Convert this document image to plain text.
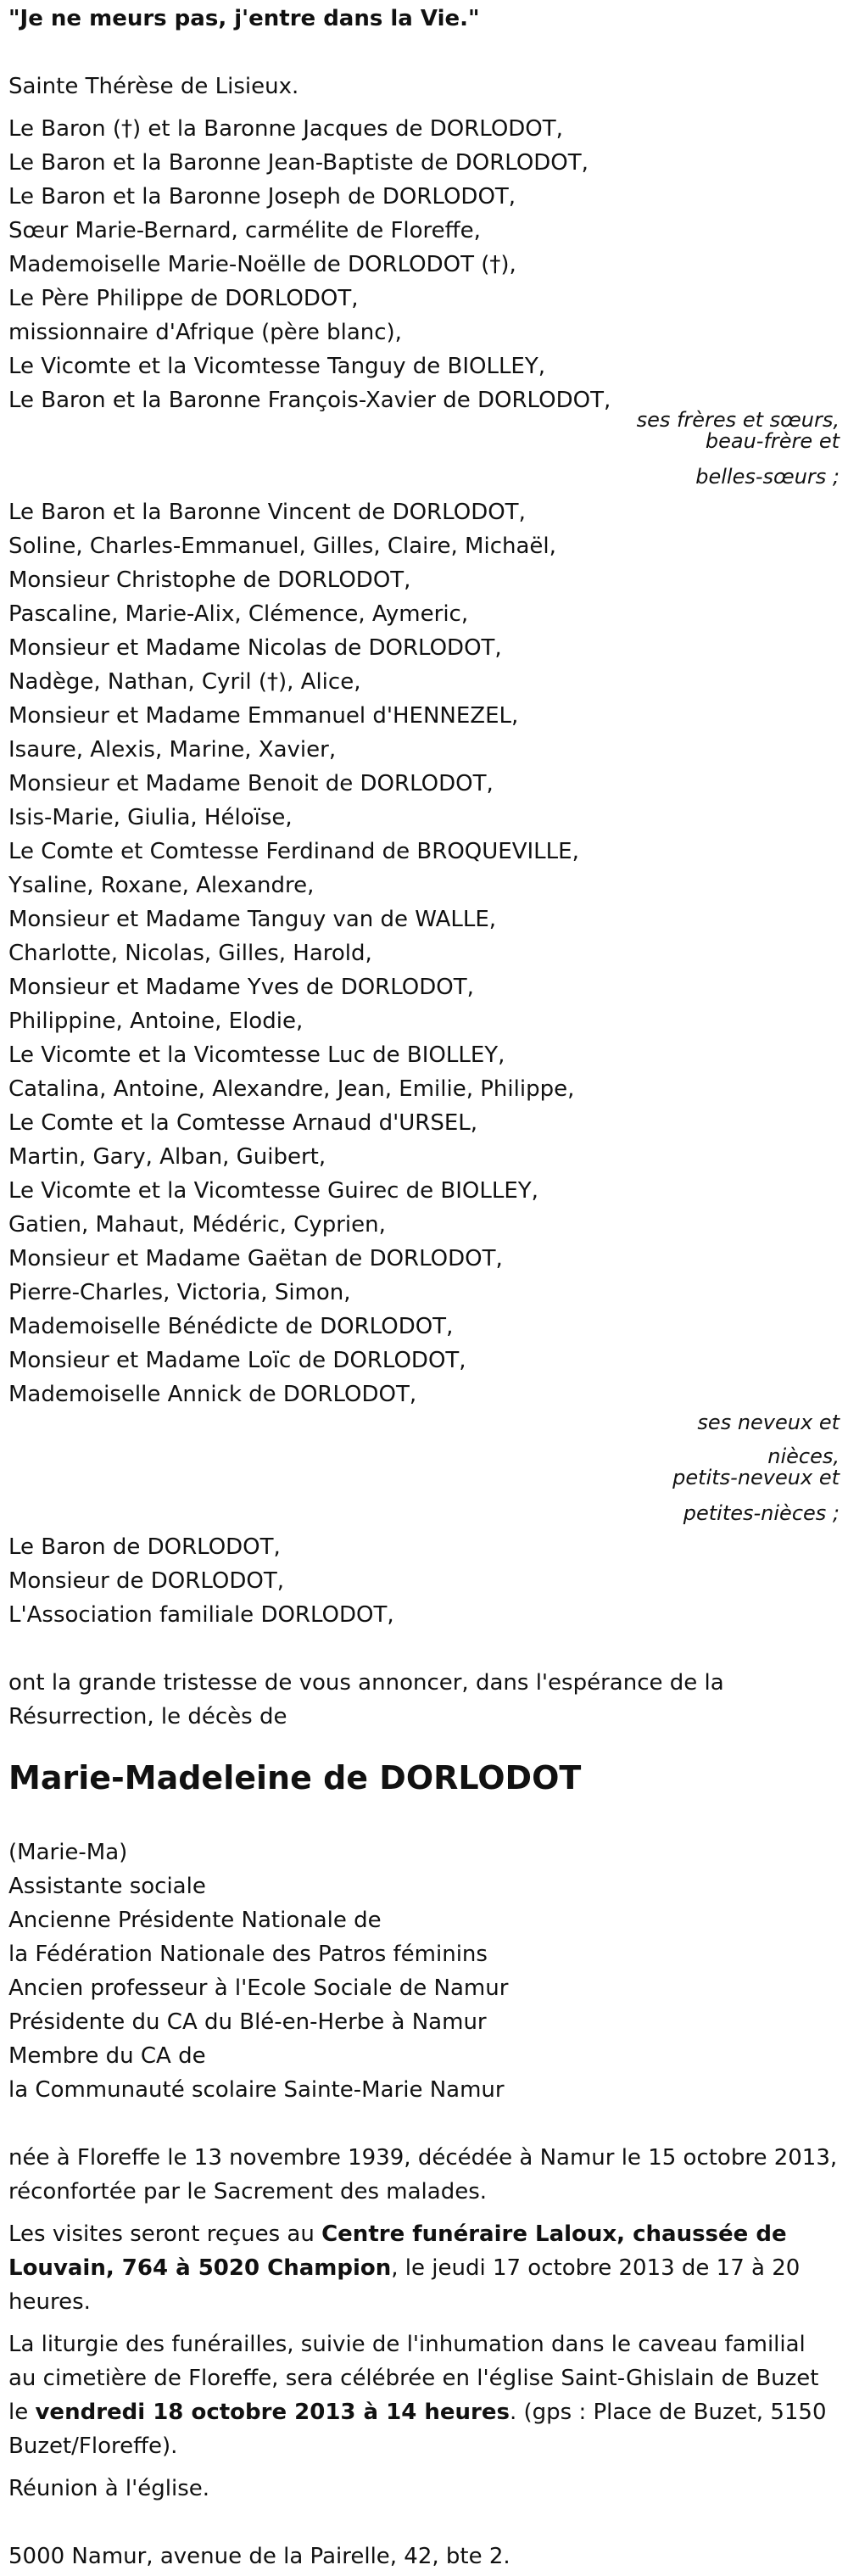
"Je ne meurs pas, j'entre dans la Vie."

Sainte Thérèse de Lisieux.

Le Baron (†) et la Baronne Jacques de DORLODOT,

Le Baron et la Baronne Jean-Baptiste de DORLODOT,

Le Baron et la Baronne Joseph de DORLODOT,

Sœur Marie-Bernard, carmélite de Floreffe,

Mademoiselle Marie-Noëlle de DORLODOT (†),

Le Père Philippe de DORLODOT,

missionnaire d'Afrique (père blanc),

Le Vicomte et la Vicomtesse Tanguy de BIOLLEY,

Le Baron et la Baronne François-Xavier de DORLODOT,

ses frères et sœurs,

beau-frère et

belles-sœurs ;

Le Baron et la Baronne Vincent de DORLODOT,

Soline, Charles-Emmanuel, Gilles, Claire, Michaël,

Monsieur Christophe de DORLODOT,

Pascaline, Marie-Alix, Clémence, Aymeric,

Monsieur et Madame Nicolas de DORLODOT,

Nadège, Nathan, Cyril (†), Alice,

Monsieur et Madame Emmanuel d'HENNEZEL,

Isaure, Alexis, Marine, Xavier,

Monsieur et Madame Benoit de DORLODOT,

Isis-Marie, Giulia, Héloïse,

Le Comte et Comtesse Ferdinand de BROQUEVILLE,

Ysaline, Roxane, Alexandre,

Monsieur et Madame Tanguy van de WALLE,

Charlotte, Nicolas, Gilles, Harold,

Monsieur et Madame Yves de DORLODOT,

Philippine, Antoine, Elodie,

Le Vicomte et la Vicomtesse Luc de BIOLLEY,

Catalina, Antoine, Alexandre, Jean, Emilie, Philippe,

Le Comte et la Comtesse Arnaud d'URSEL,

Martin, Gary, Alban, Guibert,

Le Vicomte et la Vicomtesse Guirec de BIOLLEY,

Gatien, Mahaut, Médéric, Cyprien,

Monsieur et Madame Gaëtan de DORLODOT,

Pierre-Charles, Victoria, Simon,

Mademoiselle Bénédicte de DORLODOT,

Monsieur et Madame Loïc de DORLODOT,

Mademoiselle Annick de DORLODOT,

ses neveux et

nièces,

petits-neveux et

petites-nièces ;

Le Baron de DORLODOT,

Monsieur de DORLODOT,

L'Association familiale DORLODOT,

ont la grande tristesse de vous annoncer, dans l'espérance de la

Résurrection, le décès de

Marie-Madeleine de DORLODOT

(Marie-Ma)

Assistante sociale

Ancienne Présidente Nationale de

la Fédération Nationale des Patros féminins

Ancien professeur à l'Ecole Sociale de Namur

Présidente du CA du Blé-en-Herbe à Namur

Membre du CA de

la Communauté scolaire Sainte-Marie Namur

née à Floreffe le 13 novembre 1939, décédée à Namur le 15 octobre 2013,

réconfortée par le Sacrement des malades.

Les visites seront reçues au Centre funéraire Laloux, chaussée de

Louvain, 764 à 5020 Champion, le jeudi 17 octobre 2013 de 17 à 20

heures.

La liturgie des funérailles, suivie de l'inhumation dans le caveau familial

au cimetière de Floreffe, sera célébrée en l'église Saint-Ghislain de Buzet

le vendredi 18 octobre 2013 à 14 heures. (gps : Place de Buzet, 5150

Buzet/Floreffe).

Réunion à l'église.

5000 Namur, avenue de la Pairelle, 42, bte 2.
